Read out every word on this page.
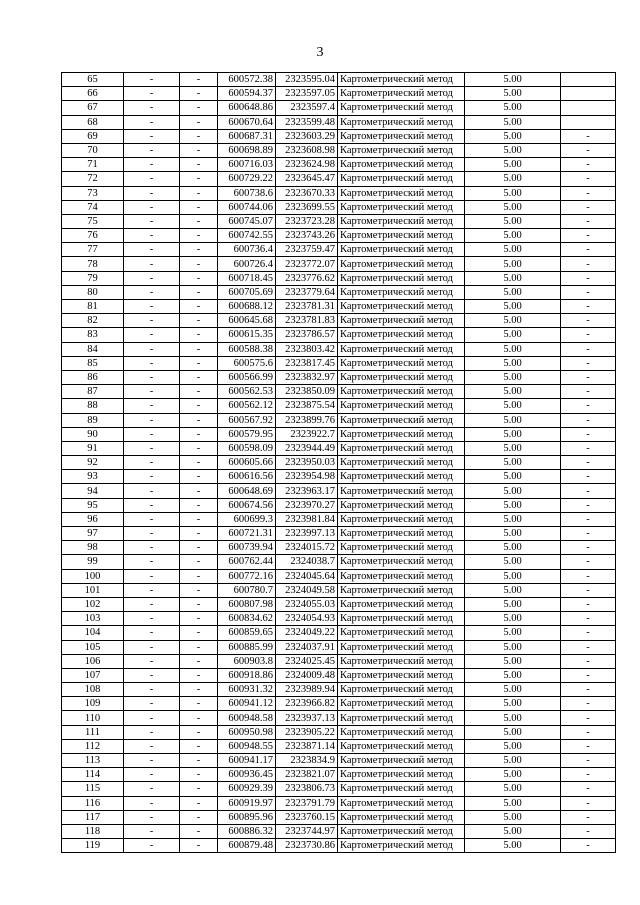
3
65	-	-	600572.38	2323595.04	Картометрический метод	5.00	
66	-	-	600594.37	2323597.05	Картометрический метод	5.00	
67	-	-	600648.86	2323597.4	Картометрический метод	5.00	
68	-	-	600670.64	2323599.48	Картометрический метод	5.00	
69	-	-	600687.31	2323603.29	Картометрический метод	5.00	-
70	-	-	600698.89	2323608.98	Картометрический метод	5.00	-
71	-	-	600716.03	2323624.98	Картометрический метод	5.00	-
72	-	-	600729.22	2323645.47	Картометрический метод	5.00	-
73	-	-	600738.6	2323670.33	Картометрический метод	5.00	-
74	-	-	600744.06	2323699.55	Картометрический метод	5.00	-
75	-	-	600745.07	2323723.28	Картометрический метод	5.00	-
76	-	-	600742.55	2323743.26	Картометрический метод	5.00	-
77	-	-	600736.4	2323759.47	Картометрический метод	5.00	-
78	-	-	600726.4	2323772.07	Картометрический метод	5.00	-
79	-	-	600718.45	2323776.62	Картометрический метод	5.00	-
80	-	-	600705.69	2323779.64	Картометрический метод	5.00	-
81	-	-	600688.12	2323781.31	Картометрический метод	5.00	-
82	-	-	600645.68	2323781.83	Картометрический метод	5.00	-
83	-	-	600615.35	2323786.57	Картометрический метод	5.00	-
84	-	-	600588.38	2323803.42	Картометрический метод	5.00	-
85	-	-	600575.6	2323817.45	Картометрический метод	5.00	-
86	-	-	600566.99	2323832.97	Картометрический метод	5.00	-
87	-	-	600562.53	2323850.09	Картометрический метод	5.00	-
88	-	-	600562.12	2323875.54	Картометрический метод	5.00	-
89	-	-	600567.92	2323899.76	Картометрический метод	5.00	-
90	-	-	600579.95	2323922.7	Картометрический метод	5.00	-
91	-	-	600598.09	2323944.49	Картометрический метод	5.00	-
92	-	-	600605.66	2323950.03	Картометрический метод	5.00	-
93	-	-	600616.56	2323954.98	Картометрический метод	5.00	-
94	-	-	600648.69	2323963.17	Картометрический метод	5.00	-
95	-	-	600674.56	2323970.27	Картометрический метод	5.00	-
96	-	-	600699.3	2323981.84	Картометрический метод	5.00	-
97	-	-	600721.31	2323997.13	Картометрический метод	5.00	-
98	-	-	600739.94	2324015.72	Картометрический метод	5.00	-
99	-	-	600762.44	2324038.7	Картометрический метод	5.00	-
100	-	-	600772.16	2324045.64	Картометрический метод	5.00	-
101	-	-	600780.7	2324049.58	Картометрический метод	5.00	-
102	-	-	600807.98	2324055.03	Картометрический метод	5.00	-
103	-	-	600834.62	2324054.93	Картометрический метод	5.00	-
104	-	-	600859.65	2324049.22	Картометрический метод	5.00	-
105	-	-	600885.99	2324037.91	Картометрический метод	5.00	-
106	-	-	600903.8	2324025.45	Картометрический метод	5.00	-
107	-	-	600918.86	2324009.48	Картометрический метод	5.00	-
108	-	-	600931.32	2323989.94	Картометрический метод	5.00	-
109	-	-	600941.12	2323966.82	Картометрический метод	5.00	-
110	-	-	600948.58	2323937.13	Картометрический метод	5.00	-
111	-	-	600950.98	2323905.22	Картометрический метод	5.00	-
112	-	-	600948.55	2323871.14	Картометрический метод	5.00	-
113	-	-	600941.17	2323834.9	Картометрический метод	5.00	-
114	-	-	600936.45	2323821.07	Картометрический метод	5.00	-
115	-	-	600929.39	2323806.73	Картометрический метод	5.00	-
116	-	-	600919.97	2323791.79	Картометрический метод	5.00	-
117	-	-	600895.96	2323760.15	Картометрический метод	5.00	-
118	-	-	600886.32	2323744.97	Картометрический метод	5.00	-
119	-	-	600879.48	2323730.86	Картометрический метод	5.00	-
